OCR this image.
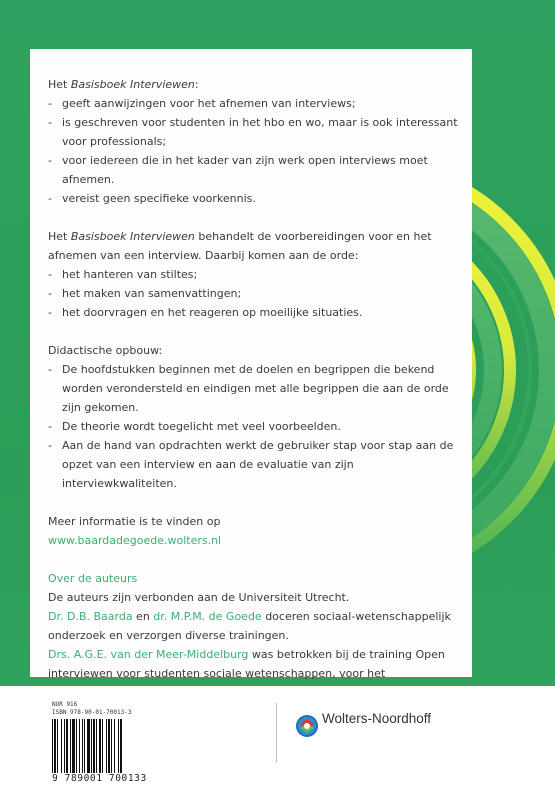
Het Basisboek Interviewen:

- geeft aanwijzingen voor het afnemen van interviews;

- is geschreven voor studenten in het hbo en wo, maar is ook interessant voor professionals;

- voor iedereen die in het kader van zijn werk open interviews moet afnemen.

- vereist geen specifieke voorkennis.

Het Basisboek Interviewen behandelt de voorbereidingen voor en het afnemen van een interview. Daarbij komen aan de orde:

- het hanteren van stiltes;

- het maken van samenvattingen;

- het doorvragen en het reageren op moeilijke situaties.

Didactische opbouw:

- De hoofdstukken beginnen met de doelen en begrippen die bekend worden verondersteld en eindigen met alle begrippen die aan de orde zijn gekomen.

- De theorie wordt toegelicht met veel voorbeelden.

- Aan de hand van opdrachten werkt de gebruiker stap voor stap aan de opzet van een interview en aan de evaluatie van zijn interviewkwaliteiten.

Meer informatie is te vinden op

www.baardadegoede.wolters.nl

Over de auteurs

De auteurs zijn verbonden aan de Universiteit Utrecht.

Dr. D.B. Baarda en dr. M.P.M. de Goede doceren sociaal-wetenschappelijk onderzoek en verzorgen diverse trainingen.

Drs. A.G.E. van der Meer-Middelburg was betrokken bij de training Open interviewen voor studenten sociale wetenschappen, voor het

NUR 916
ISBN 978-90-01-70013-3
9 789001 700133
Wolters-Noordhoff
